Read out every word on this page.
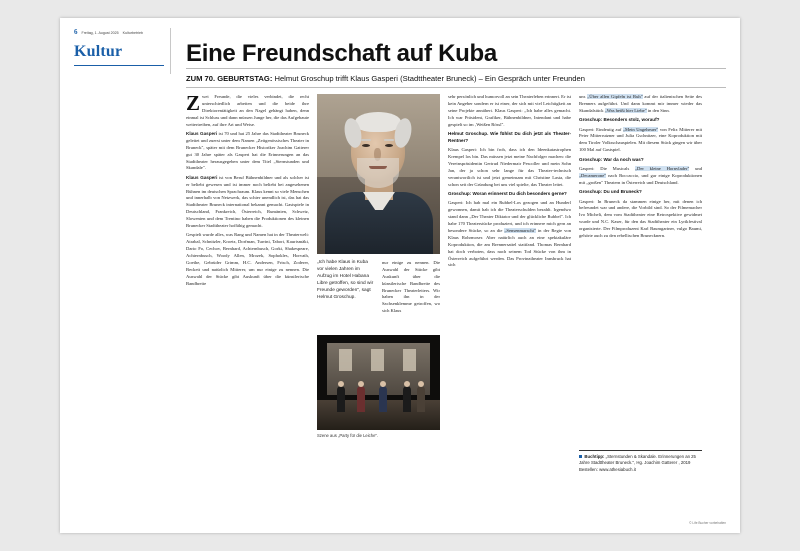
6 Freitag, 1. August 2025 Kulturbetrieb
Kultur	Eine Freundschaft auf Kuba
ZUM 70. GEBURTSTAG: Helmut Groschup trifft Klaus Gasperi (Stadttheater Bruneck) – Ein Gespräch unter Freunden

Zwei Freunde, die vieles verbindet, die recht unterschiedlich arbeiten und die beide ihre Direktorentätigkeit an den Nagel gehängt haben, denn einmal ist Schluss und dann müssen Junge her, die das Aufgebaute weitertreiben, auf ihre Art und Weise.

Klaus Gasperi ist 70 und hat 25 Jahre das Stadttheater Bruneck geleitet und zuerst unter dem Namen „Zeitgenössisches Theater in Bruneck", später mit dem Brunecker Historiker Joachim Gatterer gut 30 Jahre später als Gasperi hat die Erinnerungen an das Stadttheater herausgegeben unter dem Titel „Sternstunden und Skandale".

Klaus Gasperi ist von Beruf Bühnenbildner und als solcher ist er beliebt gewesen und ist immer noch beliebt bei angesehenen Bühnen im deutschen Sprachraum. Klaus kennt so viele Menschen und innerhalb von Netzwerk, das schier unendlich ist, das hat das Stadttheater Bruneck international bekannt gemacht. Gastspiele in Deutschland, Frankreich, Österreich, Rumänien, Schweiz, Slowenien und dem Trentino haben die Produktionen des kleinen Brunecker Stadttheater hoffähig gemacht.

Gespielt wurde alles, was Rang und Namen hat in der Theaterwelt: Atrabal, Schnitzler, Kroetz, Dorfman, Turrini, Tabori, Kaurismäki, Dario Fo, Cechov, Bernhard, Achternbusch, Gorki, Shakespeare, Achternbusch, Woody Allen, Mrozek, Sophokles, Horvath, Goethe, Gebrüder Grimm, H.C. Andersen, Frisch, Zoderer, Beckett und natürlich Mitterer, um nur einige zu nennen. Die Auswahl der Stücke gibt Auskunft über die künstlerische Bandbreite

„Ich habe Klaus in Kuba vor vielen Jahren im Aufzug im Hotel Habana Libre getroffen, so sind wir Freunde geworden", sagt Helmut Groschup.

nur einige zu nennen. Die Auswahl der Stücke gibt Auskunft über die künstlerische Bandbreite des Brunecker Theaterleiters. Wir haben ihn in der Sachsenklemme getroffen, wo sich Klaus

Szene aus „Party für die Leiche".

sehr persönlich und humorvoll an sein Theaterleben erinnert. Er ist kein Angeber sondern er ist einer, der sich mit viel Leichtigkeit an seine Projekte annähert. Klaus Gasperi: „Ich habe alles gemacht. Ich war Präsident, Grafiker, Bühnenbildner, Intendant und habe gespielt so im ‚Weißen Rössl".

Helmut Groschup. Wie fühlst Du dich jetzt als Theater-Rentner?

Klaus Gasperi: Ich bin froh, dass ich den Ideenkatastrophen Krempel los bin. Das müssen jetzt meine Nachfolger machen: die Vereinspräsidentin Gertrud Niedermair Pescoller und mein Sohn Jan, der ja schon sehr lange für das Theater-technisch verantwortlich ist und jetzt gemeinsam mit Christine Lasta, die schon seit der Gründung bei uns viel spielte, das Theater leitet.

Groschup: Woran erinnerst Du dich besonders gerne?

Gasperi: Ich hab mal ein Rubbel-Los gezogen und an Hunderl gewonnen, damit hab ich die Theaterschulden bezahlt. Irgendwo stand dann „Der Theater Diktator und der glückliche Rubbel". Ich habe 170 Theaterstücke produziert, und ich erinnere mich gern an besondere Stücke, so an die „Sensenmarschi" in der Regie von Klaus Rohrmoser. Aber natürlich auch an eine spektakuläre Koproduktion, die am Brennersattel stattfand. Thomas Bernhard hat doch verboten, dass nach seinem Tod Stücke von ihm in Österreich aufgeführt werden. Das Provinztheater Innsbruck hat sich

uns „Über allen Gipfeln ist Ruh" auf der italienischen Seite des Brenners aufgeführt. Und dann kommt mir immer wieder das Skandalstück „Was heißt hier Liebe" in den Sinn.

Groschup: Besonders stolz, worauf?

Gasperi: Eindeutig auf „Mein Ungeheuer" von Felix Mitterer mit Peter Mitterrutzner und Julia Gschnitzer, eine Koproduktion mit dem Tiroler Volksschauspielen. Mit diesem Stück gingen wir über 100 Mal auf Gastspiel.

Groschup: War da noch was?

Gasperi: Die Musicals „Der kleine Hornvlader" und „Decamerone" nach Boccaccio, und gar einige Koproduktionen mit „großen" Theatern in Österreich und Deutschland.

Groschup: Du und Bruneck?

Gasperi: In Bruneck da stammen einige her, mit denen ich befreundet war und andere, die Vorbild sind. So der Filmemacher Ivo Micheli, dem vom Stadttheater eine Retrospektive gewidmet wurde und N.C. Kaser, für den das Stadttheater ein Lyrikfestival organisierte. Der Filmproduzent Karl Baumgartner, vulgo Baumi, gehörte auch zu den rebellischen Brunecknern.

Buchtipp: „Sternstunden & Skandale. Erinnerungen an 25 Jahre Stadttheater Bruneck.", Hg. Joachim Gatterer , 2019 Bestellen: www.athesiabuch.it
© Life Bucher vorbehalten
